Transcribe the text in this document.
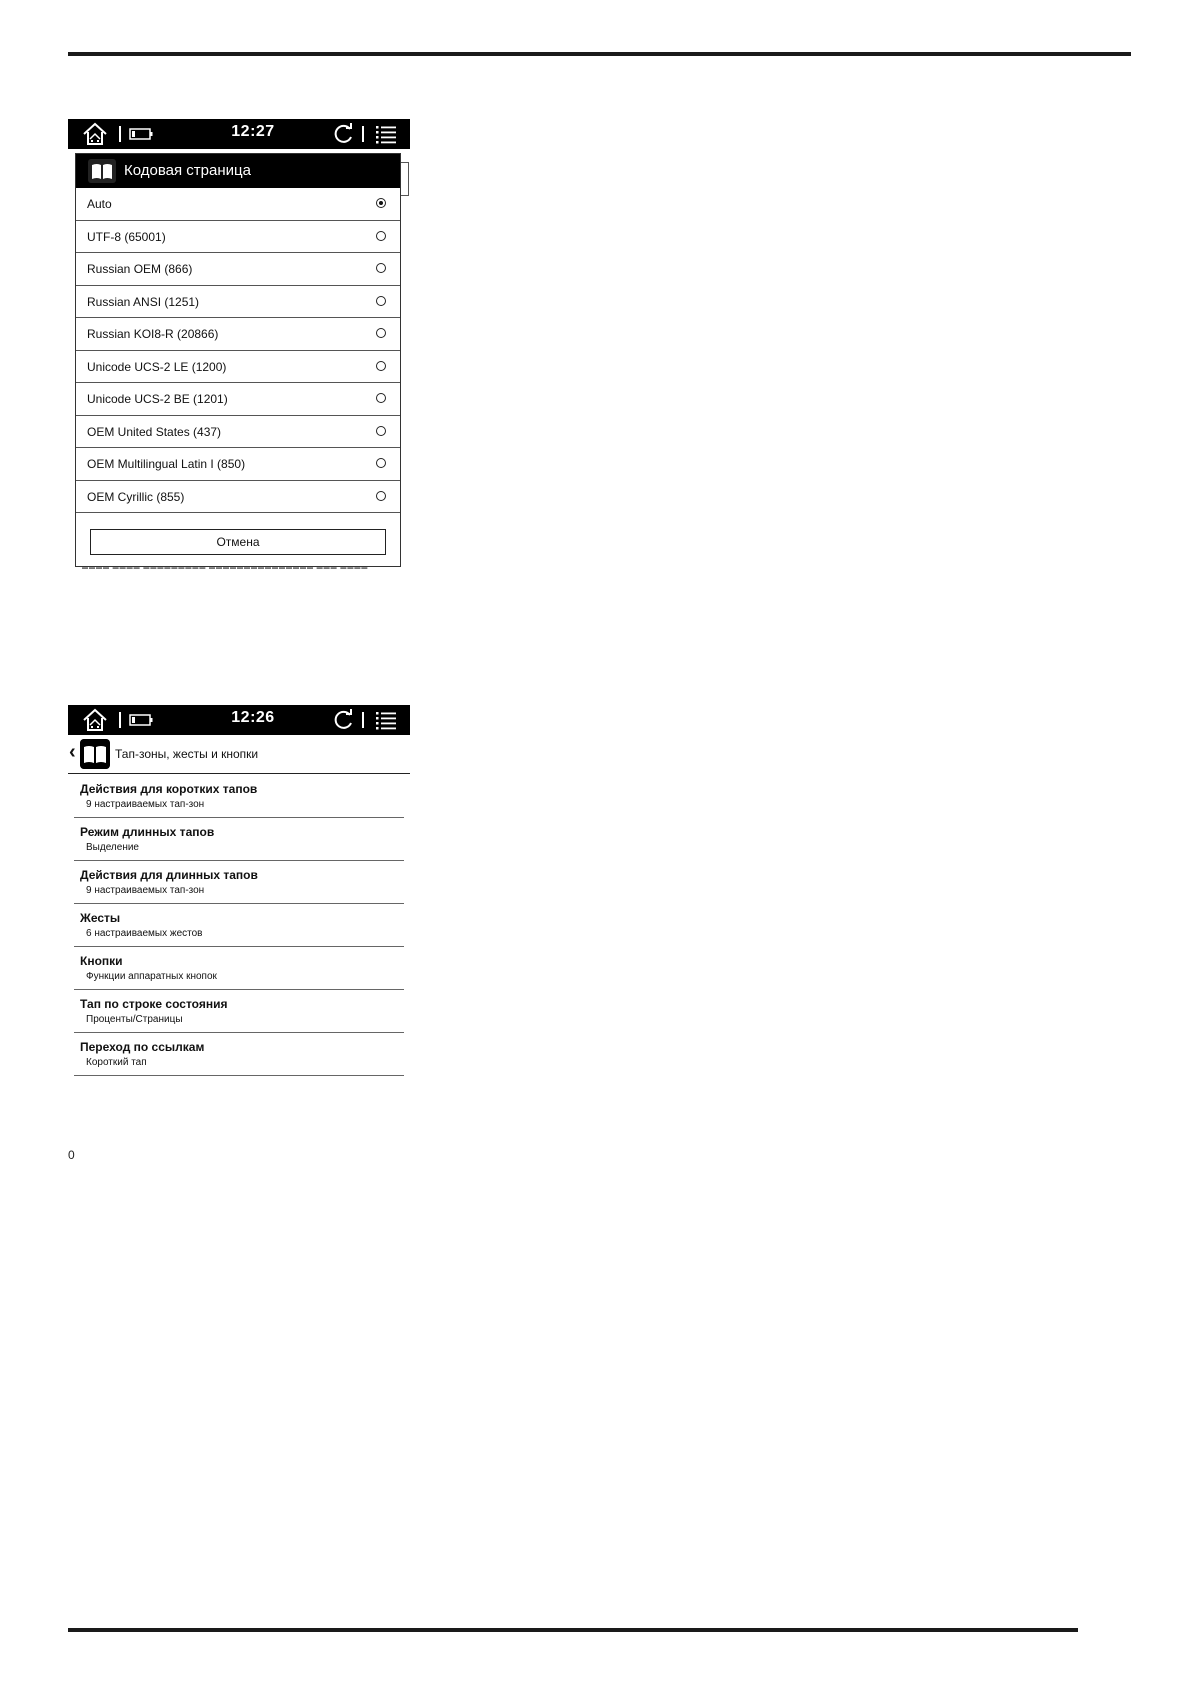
12:27
Кодовая страница
Auto
UTF-8 (65001)
Russian OEM (866)
Russian ANSI (1251)
Russian KOI8-R (20866)
Unicode UCS-2 LE (1200)
Unicode UCS-2 BE (1201)
OEM United States (437)
OEM Multilingual Latin I (850)
OEM Cyrillic (855)
Отмена
▬▬▬▬ ▬▬▬▬ ▬▬▬▬▬▬▬▬▬ ▬▬▬▬▬▬▬▬▬▬▬▬▬▬▬ ▬▬▬ ▬▬▬▬
12:26
‹	Тап-зоны, жесты и кнопки
Действия для коротких тапов
9 настраиваемых тап-зон
Режим длинных тапов
Выделение
Действия для длинных тапов
9 настраиваемых тап-зон
Жесты
6 настраиваемых жестов
Кнопки
Функции аппаратных кнопок
Тап по строке состояния
Проценты/Страницы
Переход по ссылкам
Короткий тап
0
